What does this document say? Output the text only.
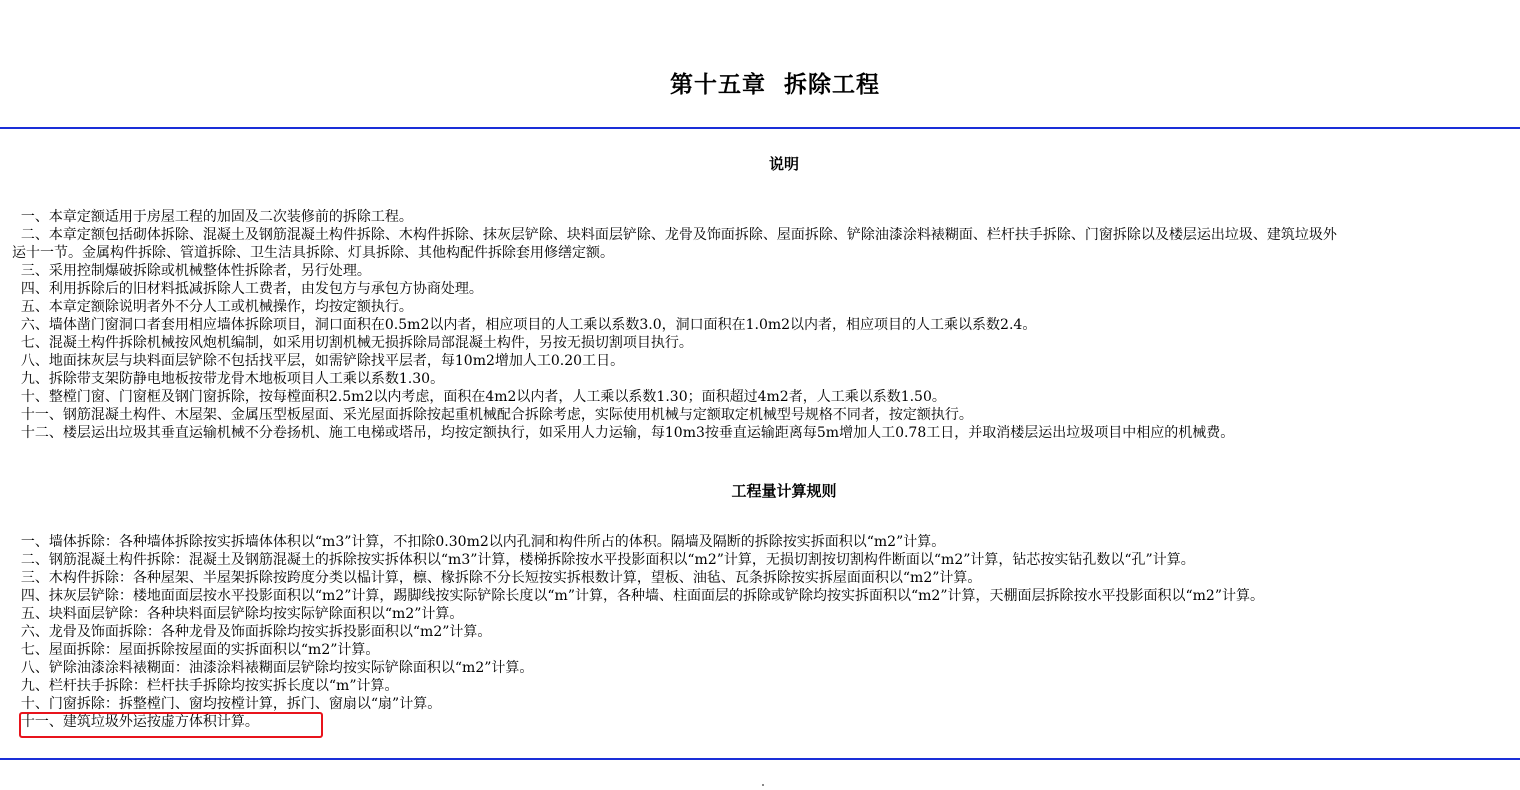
第十五章  拆除工程
说明
一、本章定额适用于房屋工程的加固及二次装修前的拆除工程。
二、本章定额包括砌体拆除、混凝土及钢筋混凝土构件拆除、木构件拆除、抹灰层铲除、块料面层铲除、龙骨及饰面拆除、屋面拆除、铲除油漆涂料裱糊面、栏杆扶手拆除、门窗拆除以及楼层运出垃圾、建筑垃圾外
运十一节。金属构件拆除、管道拆除、卫生洁具拆除、灯具拆除、其他构配件拆除套用修缮定额。
三、采用控制爆破拆除或机械整体性拆除者，另行处理。
四、利用拆除后的旧材料抵减拆除人工费者，由发包方与承包方协商处理。
五、本章定额除说明者外不分人工或机械操作，均按定额执行。
六、墙体凿门窗洞口者套用相应墙体拆除项目，洞口面积在0.5m2以内者，相应项目的人工乘以系数3.0，洞口面积在1.0m2以内者，相应项目的人工乘以系数2.4。
七、混凝土构件拆除机械按风炮机编制，如采用切割机械无损拆除局部混凝土构件，另按无损切割项目执行。
八、地面抹灰层与块料面层铲除不包括找平层，如需铲除找平层者，每10m2增加人工0.20工日。
九、拆除带支架防静电地板按带龙骨木地板项目人工乘以系数1.30。
十、整樘门窗、门窗框及钢门窗拆除，按每樘面积2.5m2以内考虑，面积在4m2以内者，人工乘以系数1.30；面积超过4m2者，人工乘以系数1.50。
十一、钢筋混凝土构件、木屋架、金属压型板屋面、采光屋面拆除按起重机械配合拆除考虑，实际使用机械与定额取定机械型号规格不同者，按定额执行。
十二、楼层运出垃圾其垂直运输机械不分卷扬机、施工电梯或塔吊，均按定额执行，如采用人力运输，每10m3按垂直运输距离每5m增加人工0.78工日，并取消楼层运出垃圾项目中相应的机械费。
工程量计算规则
一、墙体拆除：各种墙体拆除按实拆墙体体积以“m3”计算，不扣除0.30m2以内孔洞和构件所占的体积。隔墙及隔断的拆除按实拆面积以“m2”计算。
二、钢筋混凝土构件拆除：混凝土及钢筋混凝土的拆除按实拆体积以“m3”计算，楼梯拆除按水平投影面积以“m2”计算，无损切割按切割构件断面以“m2”计算，钻芯按实钻孔数以“孔”计算。
三、木构件拆除：各种屋架、半屋架拆除按跨度分类以榀计算，檩、椽拆除不分长短按实拆根数计算，望板、油毡、瓦条拆除按实拆屋面面积以“m2”计算。
四、抹灰层铲除：楼地面面层按水平投影面积以“m2”计算，踢脚线按实际铲除长度以“m”计算，各种墙、柱面面层的拆除或铲除均按实拆面积以“m2”计算，天棚面层拆除按水平投影面积以“m2”计算。
五、块料面层铲除：各种块料面层铲除均按实际铲除面积以“m2”计算。
六、龙骨及饰面拆除：各种龙骨及饰面拆除均按实拆投影面积以“m2”计算。
七、屋面拆除：屋面拆除按屋面的实拆面积以“m2”计算。
八、铲除油漆涂料裱糊面：油漆涂料裱糊面层铲除均按实际铲除面积以“m2”计算。
九、栏杆扶手拆除：栏杆扶手拆除均按实拆长度以“m”计算。
十、门窗拆除：拆整樘门、窗均按樘计算，拆门、窗扇以“扇”计算。
十一、建筑垃圾外运按虚方体积计算。
